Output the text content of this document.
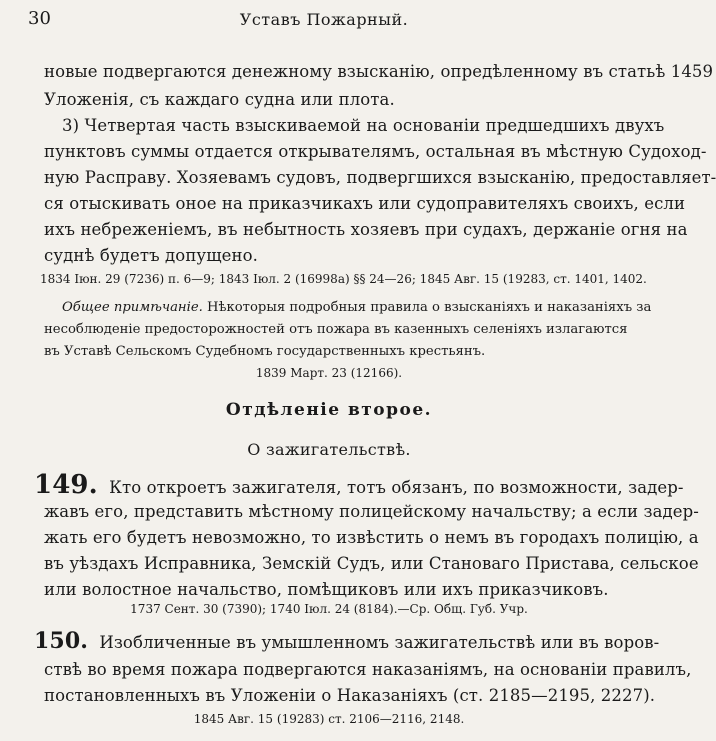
30	Уставъ Пожарный.
новые подвергаются денежному взысканію, опредѣленному въ статьѣ 1459
Уложенія, съ каждаго судна или плота.
3) Четвертая часть взыскиваемой на основаніи предшедшихъ двухъ
пунктовъ суммы отдается открывателямъ, остальная въ мѣстную Судоход-
ную Расправу. Хозяевамъ судовъ, подвергшихся взысканію, предоставляет-
ся отыскивать оное на приказчикахъ или судоправителяхъ своихъ, если
ихъ небреженіемъ, въ небытность хозяевъ при судахъ, держаніе огня на
суднѣ будетъ допущено.
1834 Іюн. 29 (7236) п. 6—9; 1843 Іюл. 2 (16998а) §§ 24—26; 1845 Авг. 15 (19283, ст. 1401, 1402.
Общее примѣчаніе. Нѣкоторыя подробныя правила о взысканіяхъ и наказаніяхъ за
несоблюденіе предосторожностей отъ пожара въ казенныхъ селеніяхъ излагаются
въ Уставѣ Сельскомъ Судебномъ государственныхъ крестьянъ.
1839 Март. 23 (12166).
Отдѣленіе второе.
О зажигательствѣ.
149. Кто откроетъ зажигателя, тотъ обязанъ, по возможности, задер-
жавъ его, представить мѣстному полицейскому начальству; а если задер-
жать его будетъ невозможно, то извѣстить о немъ въ городахъ полицію, а
въ уѣздахъ Исправника, Земскій Судъ, или Становаго Пристава, сельское
или волостное начальство, помѣщиковъ или ихъ приказчиковъ.
1737 Сент. 30 (7390); 1740 Іюл. 24 (8184).—Ср. Общ. Губ. Учр.
150. Изобличенные въ умышленномъ зажигательствѣ или въ воров-
ствѣ во время пожара подвергаются наказаніямъ, на основаніи правилъ,
постановленныхъ въ Уложеніи о Наказаніяхъ (ст. 2185—2195, 2227).
1845 Авг. 15 (19283) ст. 2106—2116, 2148.
